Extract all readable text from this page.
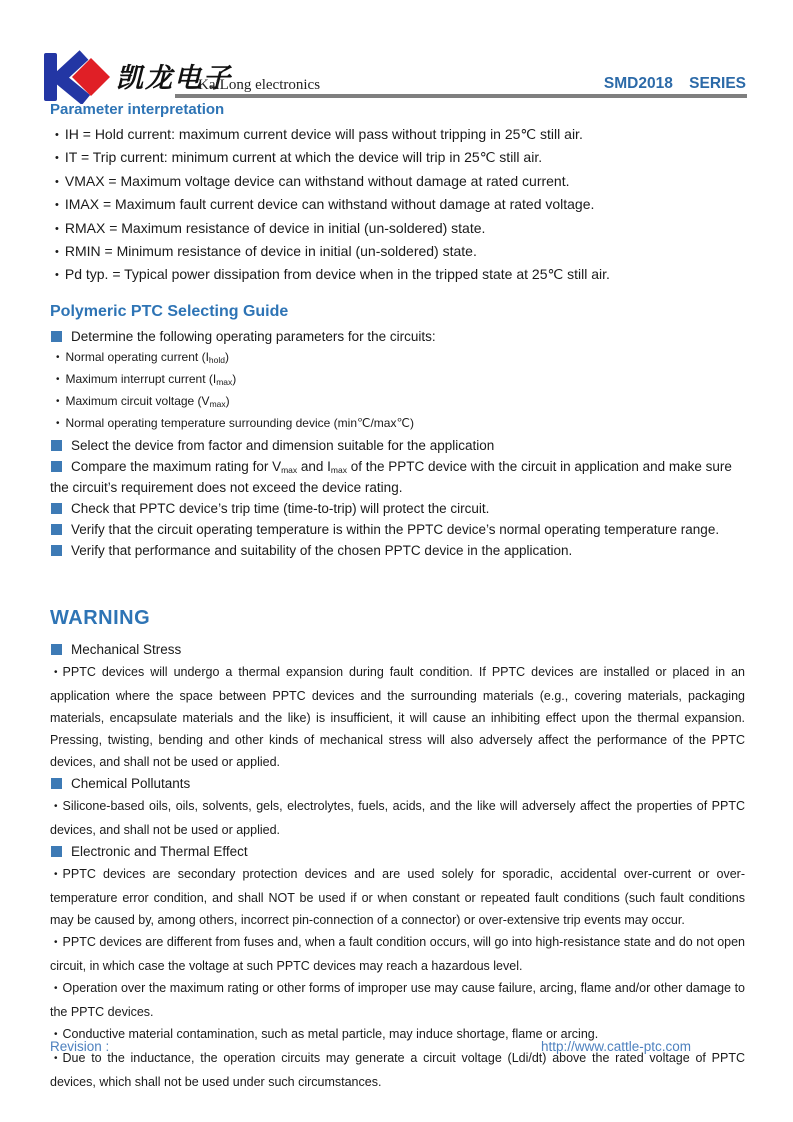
凯龙电子
KaiLong electronics	SMD2018 SERIES
Parameter interpretation
• IH = Hold current: maximum current device will pass without tripping in 25℃ still air.
• IT = Trip current: minimum current at which the device will trip in 25℃ still air.
• VMAX = Maximum voltage device can withstand without damage at rated current.
• IMAX = Maximum fault current device can withstand without damage at rated voltage.
• RMAX = Maximum resistance of device in initial (un-soldered) state.
• RMIN = Minimum resistance of device in initial (un-soldered) state.
• Pd typ. = Typical power dissipation from device when in the tripped state at 25℃ still air.
Polymeric PTC Selecting Guide
Determine the following operating parameters for the circuits:
• Normal operating current $(I_{hold})$
• Maximum interrupt current $(I_{max})$
• Maximum circuit voltage $(V_{max})$
• Normal operating temperature surrounding device (min℃/max℃)
Select the device from factor and dimension suitable for the application
Compare the maximum rating for $V_{max}$ and $I_{max}$ of the PPTC device with the circuit in application and make sure the circuit’s requirement does not exceed the device rating.
Check that PPTC device’s trip time (time-to-trip) will protect the circuit.
Verify that the circuit operating temperature is within the PPTC device’s normal operating temperature range.
Verify that performance and suitability of the chosen PPTC device in the application.
WARNING

Mechanical Stress

• PPTC devices will undergo a thermal expansion during fault condition. If PPTC devices are installed or placed in an application where the space between PPTC devices and the surrounding materials (e.g., covering materials, packaging materials, encapsulate materials and the like) is insufficient, it will cause an inhibiting effect upon the thermal expansion. Pressing, twisting, bending and other kinds of mechanical stress will also adversely affect the performance of the PPTC devices, and shall not be used or applied.

Chemical Pollutants

• Silicone-based oils, oils, solvents, gels, electrolytes, fuels, acids, and the like will adversely affect the properties of PPTC devices, and shall not be used or applied.

Electronic and Thermal Effect

• PPTC devices are secondary protection devices and are used solely for sporadic, accidental over-current or over-temperature error condition, and shall NOT be used if or when constant or repeated fault conditions (such fault conditions may be caused by, among others, incorrect pin-connection of a connector) or over-extensive trip events may occur.

• PPTC devices are different from fuses and, when a fault condition occurs, will go into high-resistance state and do not open circuit, in which case the voltage at such PPTC devices may reach a hazardous level.

• Operation over the maximum rating or other forms of improper use may cause failure, arcing, flame and/or other damage to the PPTC devices.

• Conductive material contamination, such as metal particle, may induce shortage, flame or arcing.

• Due to the inductance, the operation circuits may generate a circuit voltage (Ldi/dt) above the rated voltage of PPTC devices, which shall not be used under such circumstances.

Revision :	http://www.cattle-ptc.com
